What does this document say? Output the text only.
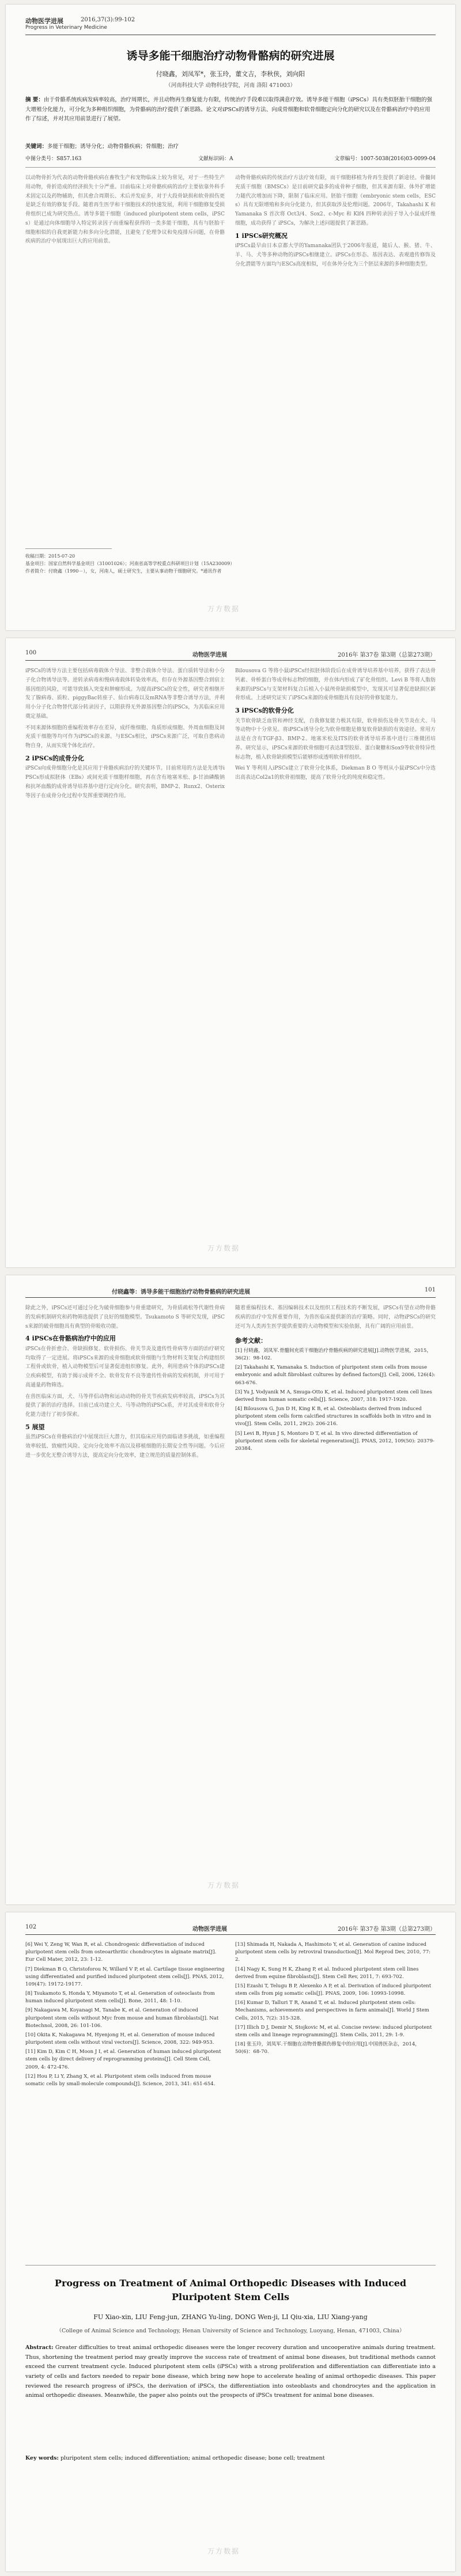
动物医学进展	2016,37(3):99-102
Progress in Veterinary Medicine
诱导多能干细胞治疗动物骨骼病的研究进展
付晓鑫，刘凤军*，张玉玲，董文吉，李秋侠，刘向阳
（河南科技大学 动物科技学院，河南 洛阳 471003）
摘 要：由于骨骼系统疾病发病率较高，治疗周期长，并且动物再生修复能力有限，传统治疗手段难以取得满意疗效。诱导多能干细胞（iPSCs）具有类似胚胎干细胞的强大增殖分化能力，可分化为多种组织细胞，为骨骼病的治疗提供了新思路。论文对iPSCs的诱导方法、向成骨细胞和软骨细胞定向分化的研究以及在骨骼病治疗中的应用作了综述，并对其应用前景进行了展望。
关键词：多能干细胞；诱导分化；动物骨骼疾病；骨细胞；治疗
中图分类号：S857.163	文献标识码：A	文章编号：1007-5038(2016)03-0099-04
以动物骨折为代表的动物骨骼疾病在畜牧生产和宠物临床上较为常见，对于一些特生产用动物，骨折造成的经济损失十分严重。目前临床上对骨骼疾病的治疗主要依靠外科手术固定以及药物辅助，但其愈合周期长、术后并发症多，对于大段骨缺损和软骨损伤更是缺乏有效的修复手段。随着再生医学和干细胞技术的快速发展，利用干细胞修复受损骨组织已成为研究热点。诱导多能干细胞（induced pluripotent stem cells，iPSCs）是通过向体细胞导入特定转录因子而重编程获得的一类多能干细胞，具有与胚胎干细胞相似的自我更新能力和多向分化潜能，且避免了伦理争议和免疫排斥问题，在骨骼疾病的治疗中展现出巨大的应用前景。
动物骨骼疾病的传统治疗方法疗效有限，而干细胞移植为骨再生提供了新途径。骨髓间充质干细胞（BMSCs）是目前研究最多的成骨种子细胞，但其来源有限、体外扩增能力随代次增加而下降，限制了临床应用。胚胎干细胞（embryonic stem cells，ESCs）具有无限增殖和多向分化能力，但其获取涉及伦理问题。2006年，Takahashi K 和 Yamanaka S 首次将 Oct3/4、Sox2、c-Myc 和 Klf4 四种转录因子导入小鼠成纤维细胞，成功获得了 iPSCs，为解决上述问题提供了新思路。
1 iPSCs研究概况
iPSCs最早由日本京都大学的Yamanaka团队于2006年报道，随后人、猴、猪、牛、羊、马、犬等多种动物的iPSCs相继建立。iPSCs在形态、基因表达、表观遗传修饰及分化潜能等方面均与ESCs高度相似，可在体外分化为三个胚层来源的多种细胞类型。
收稿日期：2015-07-20
基金项目：国家自然科学基金项目（31001026）；河南省高等学校重点科研项目计划（15A230009）
作者简介：付晓鑫（1990－），女，河南人，硕士研究生，主要从事动物干细胞研究。*通讯作者
万方数据
100	动物医学进展	2016年 第37卷 第3期（总第273期）
iPSCs的诱导方法主要包括病毒载体介导法、非整合载体介导法、蛋白质转导法和小分子化合物诱导法等。逆转录病毒和慢病毒载体转染效率高，但存在外源基因整合到宿主基因组的风险，可能导致插入突变和肿瘤形成。为提高iPSCs的安全性，研究者相继开发了腺病毒、质粒、piggyBac转座子、仙台病毒以及mRNA等非整合诱导方法，并利用小分子化合物替代部分转录因子，以期获得无外源基因整合的iPSCs，为其临床应用奠定基础。
不同来源体细胞的重编程效率存在差异，成纤维细胞、角质形成细胞、外周血细胞及间充质干细胞等均可作为iPSCs的来源。与ESCs相比，iPSCs来源广泛，可取自患病动物自身，从而实现个体化治疗。
2 iPSCs的成骨分化
iPSCs向成骨细胞分化是其应用于骨骼疾病治疗的关键环节。目前常用的方法是先诱导iPSCs形成拟胚体（EBs）或间充质干细胞样细胞，再在含有地塞米松、β-甘油磷酸钠和抗坏血酸的成骨诱导培养基中进行定向分化。研究表明，BMP-2、Runx2、Osterix等因子在成骨分化过程中发挥重要调控作用。
Bilousova G 等将小鼠iPSCs经拟胚体阶段后在成骨诱导培养基中培养，获得了表达骨钙素、骨桥蛋白等成骨标志物的细胞，并在体内形成了矿化骨组织。Levi B 等将人脂肪来源的iPSCs与支架材料复合后植入小鼠颅骨缺损模型中，发现其可显著促进缺损区新骨形成。上述研究证实了iPSCs来源的成骨细胞具有良好的骨修复能力。
3 iPSCs的软骨分化
关节软骨缺乏血管和神经支配，自我修复能力极其有限，软骨损伤及骨关节炎在犬、马等动物中十分常见。将iPSCs诱导分化为软骨细胞是修复软骨缺损的有效途径。常用方法是在含有TGF-β3、BMP-2、地塞米松及ITS的软骨诱导培养基中进行三维微团培养。研究显示，iPSCs来源的软骨细胞可表达Ⅱ型胶原、蛋白聚糖和Sox9等软骨特异性标志物，植入软骨缺损模型后能够形成透明软骨样组织。
Wei Y 等利用人iPSCs建立了软骨分化体系，Diekman B O 等则从小鼠iPSCs中分选出高表达Col2a1的软骨祖细胞，提高了软骨分化的纯度和稳定性。
万方数据
付晓鑫等：诱导多能干细胞治疗动物骨骼病的研究进展	101
除此之外，iPSCs还可通过分化为破骨细胞参与骨重建研究，为骨质疏松等代谢性骨病的发病机制研究和药物筛选提供了良好的细胞模型。Tsukamoto S 等研究发现，iPSCs来源的破骨细胞具有典型的骨吸收功能。
4 iPSCs在骨骼病治疗中的应用
iPSCs在骨折愈合、骨缺损修复、软骨损伤、骨关节炎及遗传性骨病等方面的治疗研究均取得了一定进展。将iPSCs来源的成骨细胞或软骨细胞与生物材料支架复合构建组织工程骨或软骨，植入动物模型后可显著促进组织修复。此外，利用患病个体的iPSCs建立疾病模型，有助于揭示成骨不全、软骨发育不良等遗传性骨病的发病机制，并可用于高通量药物筛选。
在兽医临床方面，犬、马等伴侣动物和运动动物的骨关节疾病发病率较高，iPSCs为其提供了新的治疗选择。目前已成功建立犬、马等动物的iPSCs系，并对其成骨和软骨分化能力进行了初步探索。
5 展望
虽然iPSCs在骨骼病治疗中展现出巨大潜力，但其临床应用仍面临诸多挑战，如重编程效率较低、致瘤性风险、定向分化效率不高以及移植细胞的长期安全性等问题。今后应进一步优化无整合诱导方法，提高定向分化效率，建立规范的质量控制体系。
随着重编程技术、基因编辑技术以及组织工程技术的不断发展，iPSCs有望在动物骨骼疾病的治疗中发挥重要作用，为兽医临床提供新的治疗策略。同时，动物iPSCs的研究还可为人类再生医学提供重要的大动物模型和实验依据，具有广阔的应用前景。
参考文献：
[1] 付晓鑫，刘凤军.骨髓间充质干细胞治疗骨骼疾病的研究进展[J].动物医学进展，2015，36(2)：98-102.
[2] Takahashi K, Yamanaka S. Induction of pluripotent stem cells from mouse embryonic and adult fibroblast cultures by defined factors[J]. Cell, 2006, 126(4): 663-676.
[3] Yu J, Vodyanik M A, Smuga-Otto K, et al. Induced pluripotent stem cell lines derived from human somatic cells[J]. Science, 2007, 318: 1917-1920.
[4] Bilousova G, Jun D H, King K B, et al. Osteoblasts derived from induced pluripotent stem cells form calcified structures in scaffolds both in vitro and in vivo[J]. Stem Cells, 2011, 29(2): 206-216.
[5] Levi B, Hyun J S, Montoro D T, et al. In vivo directed differentiation of pluripotent stem cells for skeletal regeneration[J]. PNAS, 2012, 109(50): 20379-20384.
万方数据
102	动物医学进展	2016年 第37卷 第3期（总第273期）
[6] Wei Y, Zeng W, Wan R, et al. Chondrogenic differentiation of induced pluripotent stem cells from osteoarthritic chondrocytes in alginate matrix[J]. Eur Cell Mater, 2012, 23: 1-12.
[7] Diekman B O, Christoforou N, Willard V P, et al. Cartilage tissue engineering using differentiated and purified induced pluripotent stem cells[J]. PNAS, 2012, 109(47): 19172-19177.
[8] Tsukamoto S, Honda Y, Miyamoto T, et al. Generation of osteoclasts from human induced pluripotent stem cells[J]. Bone, 2011, 48: 1-10.
[9] Nakagawa M, Koyanagi M, Tanabe K, et al. Generation of induced pluripotent stem cells without Myc from mouse and human fibroblasts[J]. Nat Biotechnol, 2008, 26: 101-106.
[10] Okita K, Nakagawa M, Hyenjong H, et al. Generation of mouse induced pluripotent stem cells without viral vectors[J]. Science, 2008, 322: 949-953.
[11] Kim D, Kim C H, Moon J I, et al. Generation of human induced pluripotent stem cells by direct delivery of reprogramming proteins[J]. Cell Stem Cell, 2009, 4: 472-476.
[12] Hou P, Li Y, Zhang X, et al. Pluripotent stem cells induced from mouse somatic cells by small-molecule compounds[J]. Science, 2013, 341: 651-654.
[13] Shimada H, Nakada A, Hashimoto Y, et al. Generation of canine induced pluripotent stem cells by retroviral transduction[J]. Mol Reprod Dev, 2010, 77: 2.
[14] Nagy K, Sung H K, Zhang P, et al. Induced pluripotent stem cell lines derived from equine fibroblasts[J]. Stem Cell Rev, 2011, 7: 693-702.
[15] Ezashi T, Telugu B P, Alexenko A P, et al. Derivation of induced pluripotent stem cells from pig somatic cells[J]. PNAS, 2009, 106: 10993-10998.
[16] Kumar D, Talluri T R, Anand T, et al. Induced pluripotent stem cells: Mechanisms, achievements and perspectives in farm animals[J]. World J Stem Cells, 2015, 7(2): 315-328.
[17] Illich D J, Demir N, Stojkovic M, et al. Concise review: induced pluripotent stem cells and lineage reprogramming[J]. Stem Cells, 2011, 29: 1-9.
[18] 张玉玲，刘凤军.干细胞在动物骨骼损伤修复中的应用[J].中国兽医杂志，2014，50(6)：68-70.
Progress on Treatment of Animal Orthopedic Diseases with Induced Pluripotent Stem Cells
FU Xiao-xin, LIU Feng-jun, ZHANG Yu-ling, DONG Wen-ji, LI Qiu-xia, LIU Xiang-yang
（College of Animal Science and Technology, Henan University of Science and Technology, Luoyang, Henan, 471003, China）
Abstract: Greater difficulties to treat animal orthopedic diseases were the longer recovery duration and uncooperative animals during treatment. Thus, shortening the treatment period may greatly improve the success rate of treatment of animal bone diseases, but traditional methods cannot exceed the current treatment cycle. Induced pluripotent stem cells (iPSCs) with a strong proliferation and differentiation can differentiate into a variety of cells and factors needed to repair bone disease, which bring new hope to accelerate healing of animal orthopedic diseases. This paper reviewed the research progress of iPSCs, the derivation of iPSCs, the differentiation into osteoblasts and chondrocytes and the application in animal orthopedic diseases. Meanwhile, the paper also points out the prospects of iPSCs treatment for animal bone diseases.
Key words: pluripotent stem cells; induced differentiation; animal orthopedic disease; bone cell; treatment
万方数据
